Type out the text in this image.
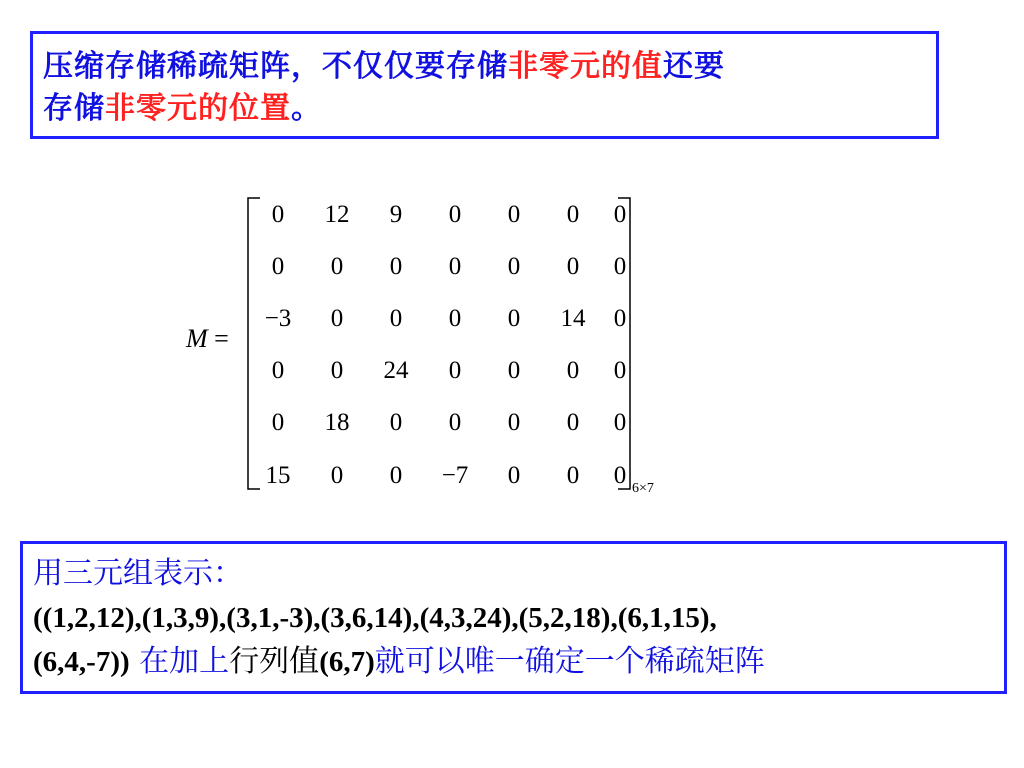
压缩存储稀疏矩阵，不仅仅要存储非零元的值还要
存储非零元的位置。
M =
0	12	9	0	0	0	0
0	0	0	0	0	0	0
−3	0	0	0	0	14	0
0	0	24	0	0	0	0
0	18	0	0	0	0	0
15	0	0	−7	0	0	0 6×7
用三元组表示：
((1,2,12),(1,3,9),(3,1,-3),(3,6,14),(4,3,24),(5,2,18),(6,1,15),
(6,4,-7)) 在加上行列值(6,7)就可以唯一确定一个稀疏矩阵
